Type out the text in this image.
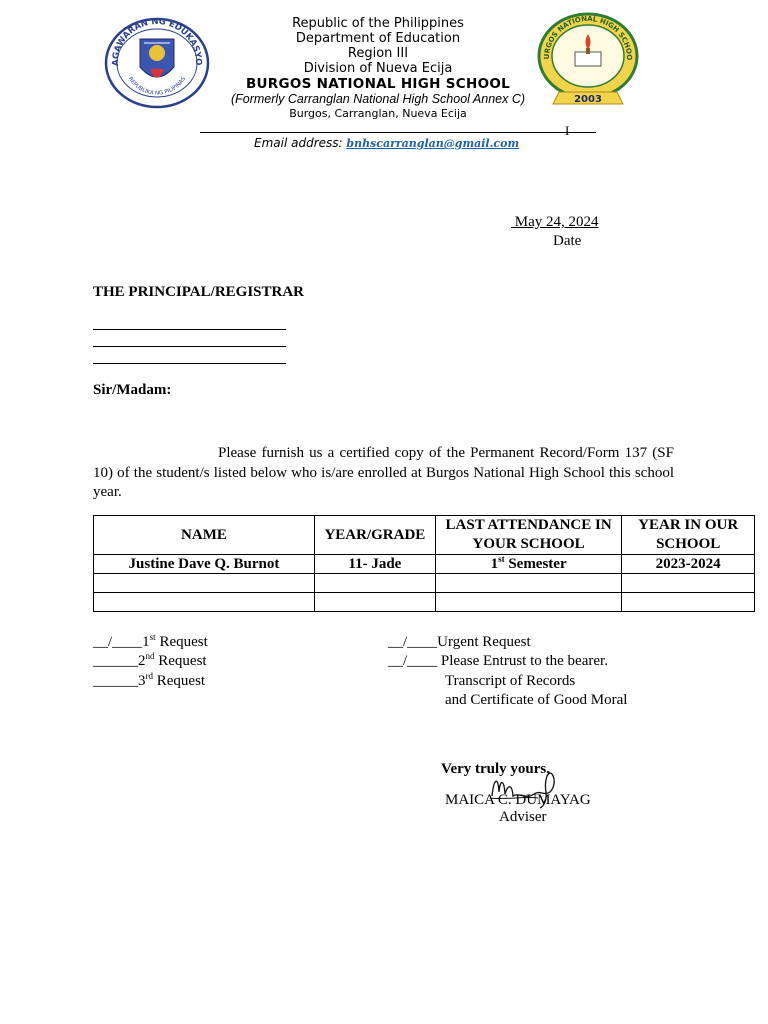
AGAWARAN NG EDUKASYO
REPUBLIKA NG PILIPINAS

Republic of the Philippines

Department of Education

Region III

Division of Nueva Ecija

BURGOS NATIONAL HIGH SCHOOL

(Formerly Carranglan National High School Annex C)

Burgos, Carranglan, Nueva Ecija

URGOS NATIONAL HIGH SCHOO
2003
I
Email address: bnhscarranglan@gmail.com
May 24, 2024
Date
THE PRINCIPAL/REGISTRAR
Sir/Madam:

Please furnish us a certified copy of the Permanent Record/Form 137 (SF 10) of the student/s listed below who is/are enrolled at Burgos National High School this school year.

NAME	YEAR/GRADE	LAST ATTENDANCE IN YOUR SCHOOL	YEAR IN OUR SCHOOL
Justine Dave Q. Burnot	11- Jade	1st Semester	2023-2024

__/____1st Request
______2nd Request
______3rd Request
__/____Urgent Request
__/____ Please Entrust to the bearer.
Transcript of Records
and Certificate of Good Moral
Very truly yours,
MAICA C. DUMAYAG
Adviser
